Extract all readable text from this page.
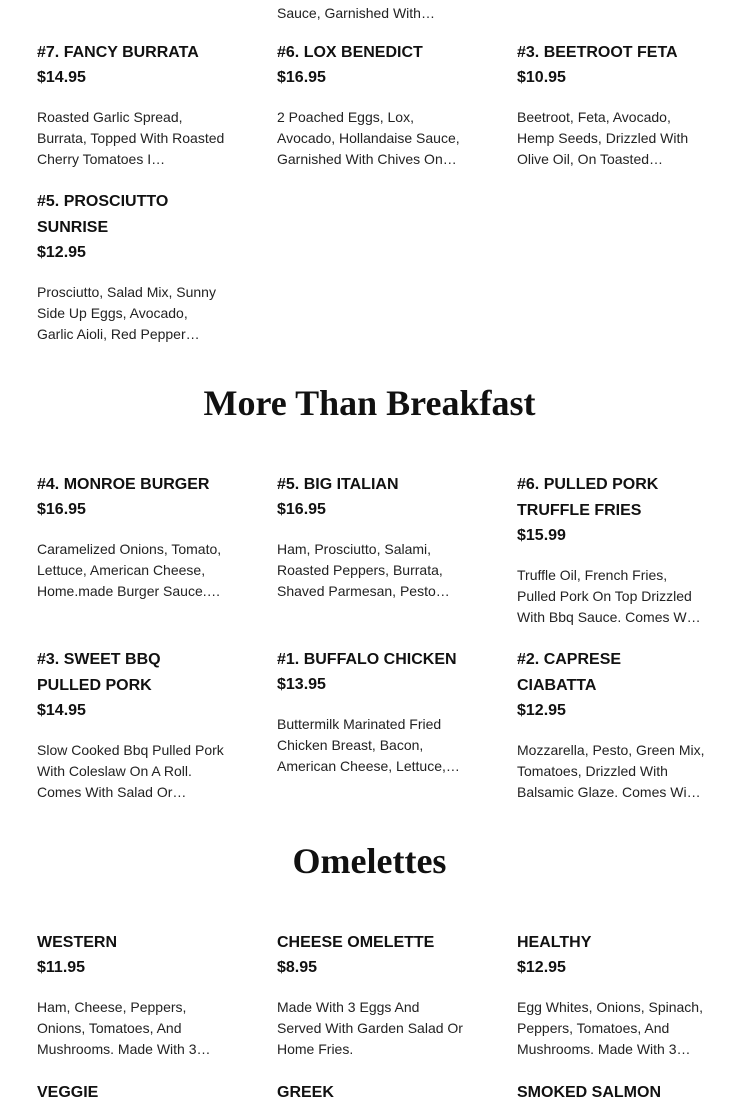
Sauce, Garnished With…
#7. FANCY BURRATA
$14.95
Roasted Garlic Spread, Burrata, Topped With Roasted Cherry Tomatoes I…
#6. LOX BENEDICT
$16.95
2 Poached Eggs, Lox, Avocado, Hollandaise Sauce, Garnished With Chives On…
#3. BEETROOT FETA
$10.95
Beetroot, Feta, Avocado, Hemp Seeds, Drizzled With Olive Oil, On Toasted…
#5. PROSCIUTTO SUNRISE
$12.95
Prosciutto, Salad Mix, Sunny Side Up Eggs, Avocado, Garlic Aioli, Red Pepper…
More Than Breakfast
#4. MONROE BURGER
$16.95
Caramelized Onions, Tomato, Lettuce, American Cheese, Home.made Burger Sauce.…
#5. BIG ITALIAN
$16.95
Ham, Prosciutto, Salami, Roasted Peppers, Burrata, Shaved Parmesan, Pesto…
#6. PULLED PORK TRUFFLE FRIES
$15.99
Truffle Oil, French Fries, Pulled Pork On Top Drizzled With Bbq Sauce. Comes W…
#3. SWEET BBQ PULLED PORK
$14.95
Slow Cooked Bbq Pulled Pork With Coleslaw On A Roll. Comes With Salad Or…
#1. BUFFALO CHICKEN
$13.95
Buttermilk Marinated Fried Chicken Breast, Bacon, American Cheese, Lettuce,…
#2. CAPRESE CIABATTA
$12.95
Mozzarella, Pesto, Green Mix, Tomatoes, Drizzled With Balsamic Glaze. Comes Wi…
Omelettes
WESTERN
$11.95
Ham, Cheese, Peppers, Onions, Tomatoes, And Mushrooms. Made With 3…
CHEESE OMELETTE
$8.95
Made With 3 Eggs And Served With Garden Salad Or Home Fries.
HEALTHY
$12.95
Egg Whites, Onions, Spinach, Peppers, Tomatoes, And Mushrooms. Made With 3…
VEGGIE	GREEK	SMOKED SALMON
